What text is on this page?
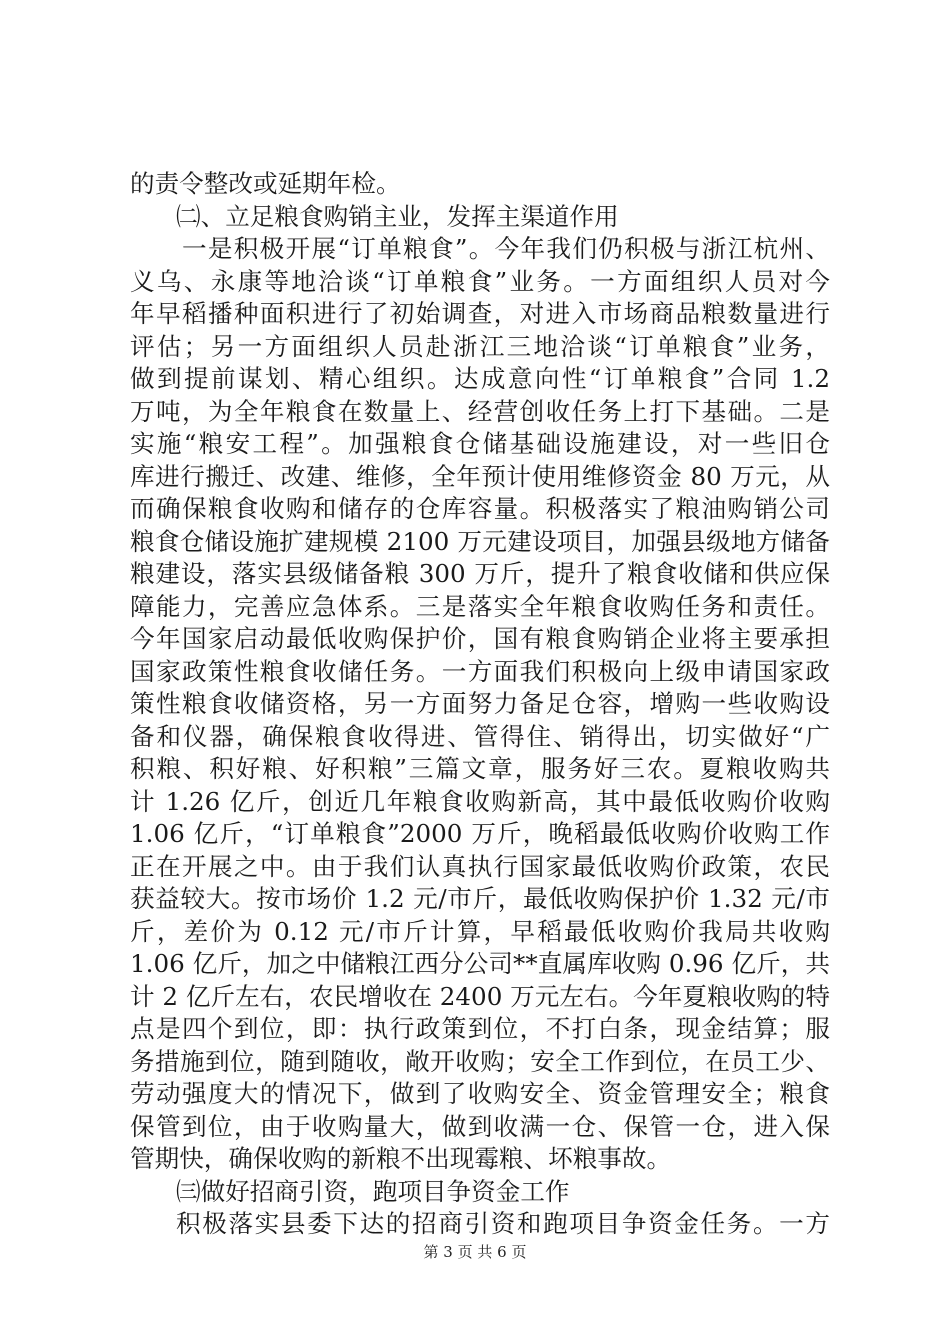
的责令整改或延期年检。
㈡、立足粮食购销主业，发挥主渠道作用
一是积极开展“订单粮食”。今年我们仍积极与浙江杭州、
义乌、永康等地洽谈“订单粮食”业务。一方面组织人员对今
年早稻播种面积进行了初始调查，对进入市场商品粮数量进行
评估；另一方面组织人员赴浙江三地洽谈“订单粮食”业务，
做到提前谋划、精心组织。达成意向性“订单粮食”合同 1.2
万吨，为全年粮食在数量上、经营创收任务上打下基础。二是
实施“粮安工程”。加强粮食仓储基础设施建设，对一些旧仓
库进行搬迁、改建、维修，全年预计使用维修资金 80 万元，从
而确保粮食收购和储存的仓库容量。积极落实了粮油购销公司
粮食仓储设施扩建规模 2100 万元建设项目，加强县级地方储备
粮建设，落实县级储备粮 300 万斤，提升了粮食收储和供应保
障能力，完善应急体系。三是落实全年粮食收购任务和责任。
今年国家启动最低收购保护价，国有粮食购销企业将主要承担
国家政策性粮食收储任务。一方面我们积极向上级申请国家政
策性粮食收储资格，另一方面努力备足仓容，增购一些收购设
备和仪器，确保粮食收得进、管得住、销得出，切实做好“广
积粮、积好粮、好积粮”三篇文章，服务好三农。夏粮收购共
计 1.26 亿斤，创近几年粮食收购新高，其中最低收购价收购
1.06 亿斤，“订单粮食”2000 万斤，晚稻最低收购价收购工作
正在开展之中。由于我们认真执行国家最低收购价政策，农民
获益较大。按市场价 1.2 元/市斤，最低收购保护价 1.32 元/市
斤，差价为 0.12 元/市斤计算，早稻最低收购价我局共收购
1.06 亿斤，加之中储粮江西分公司**直属库收购 0.96 亿斤，共
计 2 亿斤左右，农民增收在 2400 万元左右。今年夏粮收购的特
点是四个到位，即：执行政策到位，不打白条，现金结算；服
务措施到位，随到随收，敞开收购；安全工作到位，在员工少、
劳动强度大的情况下，做到了收购安全、资金管理安全；粮食
保管到位，由于收购量大，做到收满一仓、保管一仓，进入保
管期快，确保收购的新粮不出现霉粮、坏粮事故。
㈢做好招商引资，跑项目争资金工作
积极落实县委下达的招商引资和跑项目争资金任务。一方
第 3 页 共 6 页
